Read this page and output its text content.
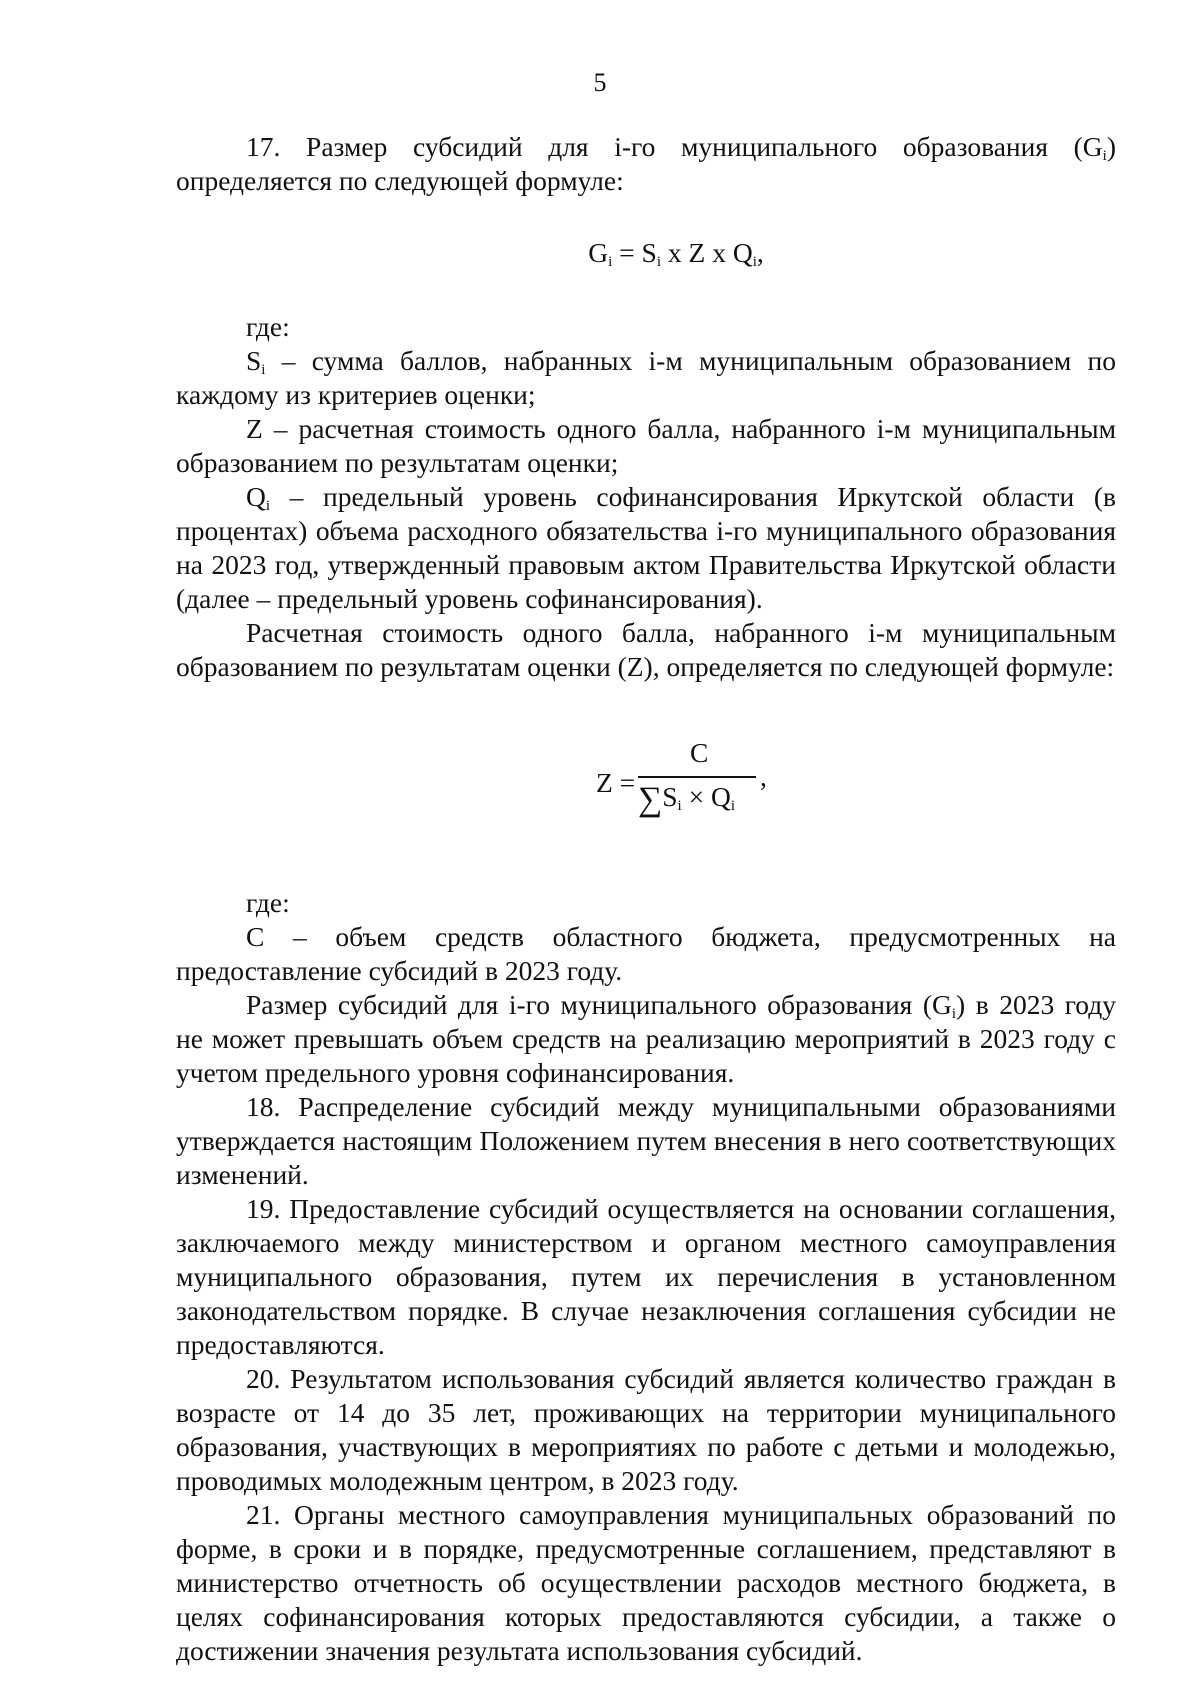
5

17. Размер субсидий для i-го муниципального образования $(G_i)$ определяется по следующей формуле:

$G_i = S_i$ x Z x $Q_i$,

где:

$S_i$ – сумма баллов, набранных i-м муниципальным образованием по каждому из критериев оценки;

Z – расчетная стоимость одного балла, набранного i-м муниципальным образованием по результатам оценки;

$Q_i$ – предельный уровень софинансирования Иркутской области (в процентах) объема расходного обязательства i-го муниципального образования на 2023 год, утвержденный правовым актом Правительства Иркутской области (далее – предельный уровень софинансирования).

Расчетная стоимость одного балла, набранного i-м муниципальным образованием по результатам оценки (Z), определяется по следующей формуле:

Z =
C
$\sum S_i \times Q_i$
,

где:

C – объем средств областного бюджета, предусмотренных на предоставление субсидий в 2023 году.

Размер субсидий для i-го муниципального образования $(G_i)$ в 2023 году не может превышать объем средств на реализацию мероприятий в 2023 году с учетом предельного уровня софинансирования.

18. Распределение субсидий между муниципальными образованиями утверждается настоящим Положением путем внесения в него соответствующих изменений.

19. Предоставление субсидий осуществляется на основании соглашения, заключаемого между министерством и органом местного самоуправления муниципального образования, путем их перечисления в установленном законодательством порядке. В случае незаключения соглашения субсидии не предоставляются.

20. Результатом использования субсидий является количество граждан в возрасте от 14 до 35 лет, проживающих на территории муниципального образования, участвующих в мероприятиях по работе с детьми и молодежью, проводимых молодежным центром, в 2023 году.

21. Органы местного самоуправления муниципальных образований по форме, в сроки и в порядке, предусмотренные соглашением, представляют в министерство отчетность об осуществлении расходов местного бюджета, в целях софинансирования которых предоставляются субсидии, а также о достижении значения результата использования субсидий.
